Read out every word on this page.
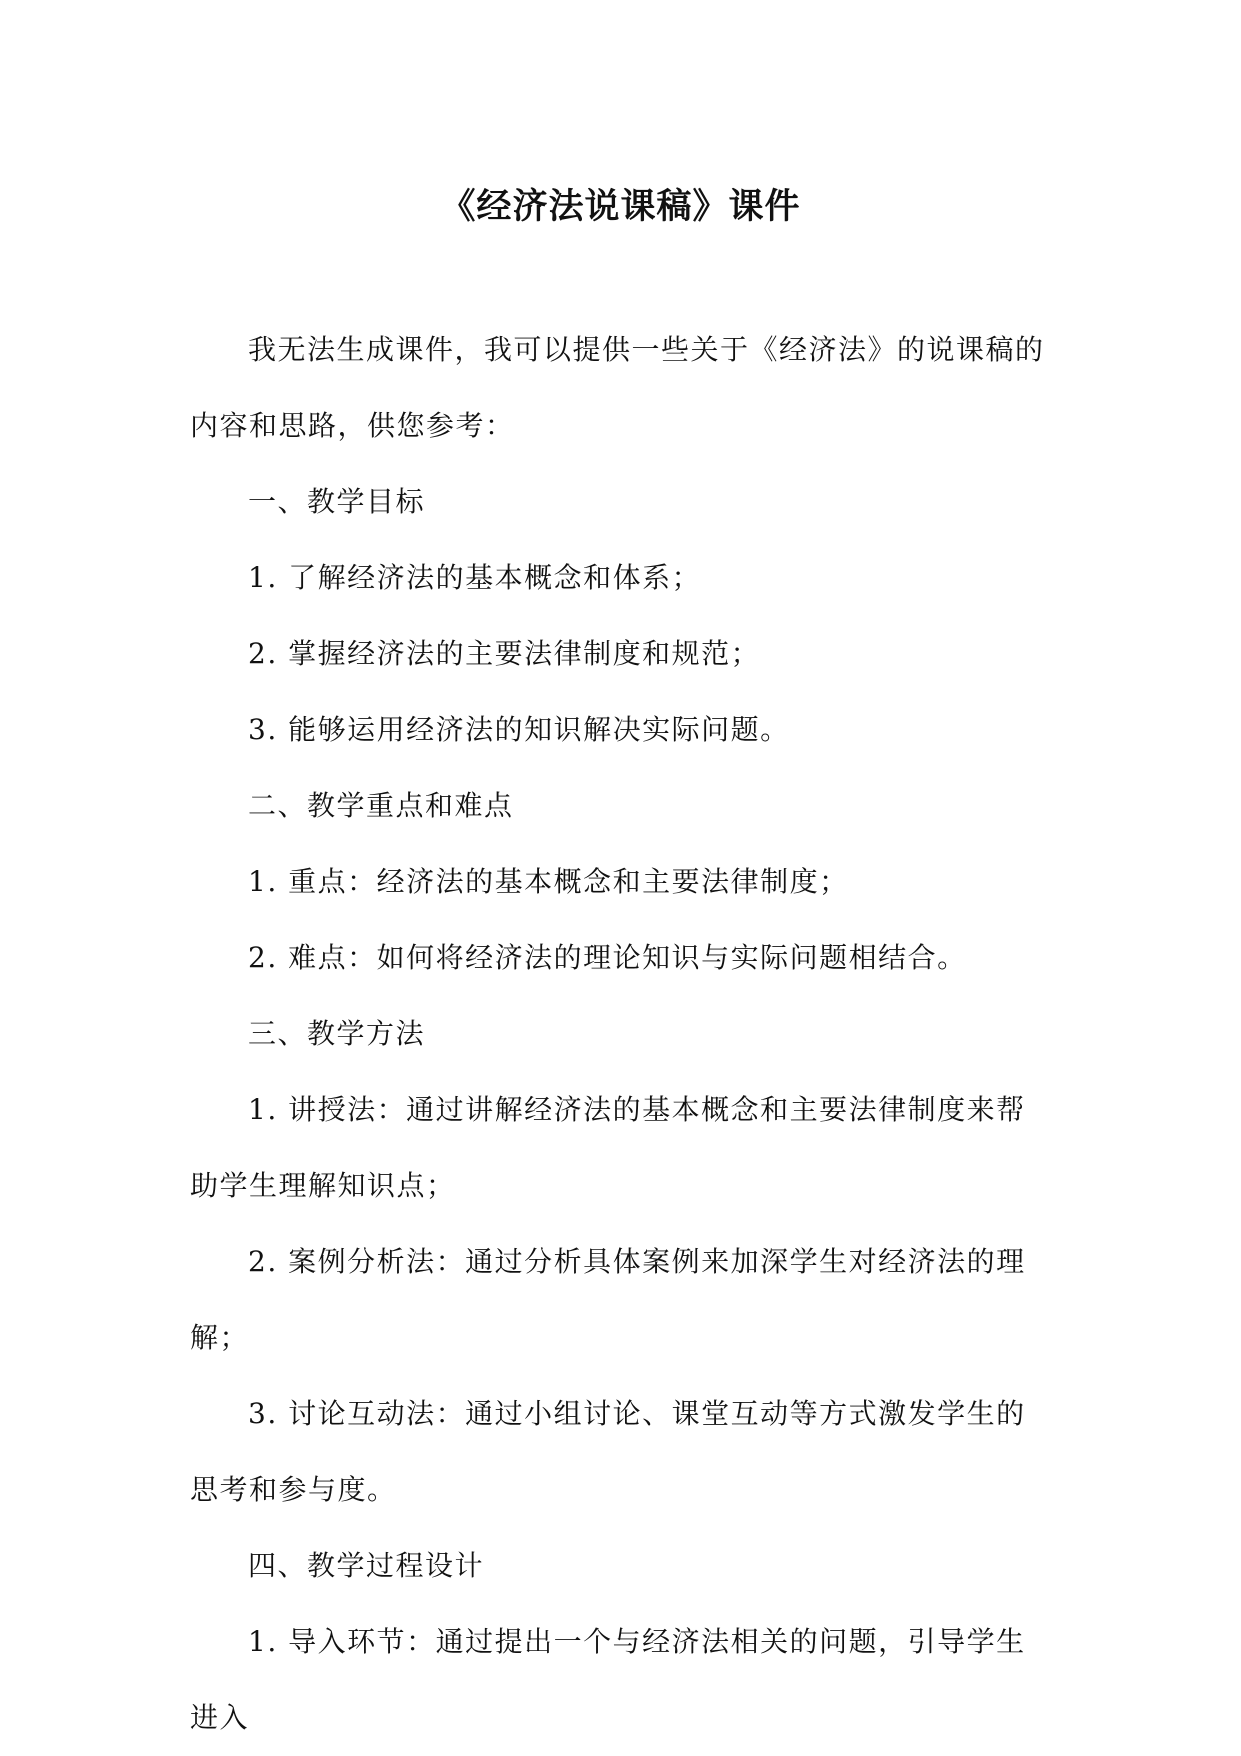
《经济法说课稿》课件

我无法生成课件，我可以提供一些关于《经济法》的说课稿的内容和思路，供您参考：

一、教学目标

1. 了解经济法的基本概念和体系；

2. 掌握经济法的主要法律制度和规范；

3. 能够运用经济法的知识解决实际问题。

二、教学重点和难点

1. 重点：经济法的基本概念和主要法律制度；

2. 难点：如何将经济法的理论知识与实际问题相结合。

三、教学方法

1. 讲授法：通过讲解经济法的基本概念和主要法律制度来帮助学生理解知识点；

2. 案例分析法：通过分析具体案例来加深学生对经济法的理解；

3. 讨论互动法：通过小组讨论、课堂互动等方式激发学生的思考和参与度。

四、教学过程设计

1. 导入环节：通过提出一个与经济法相关的问题，引导学生进入
